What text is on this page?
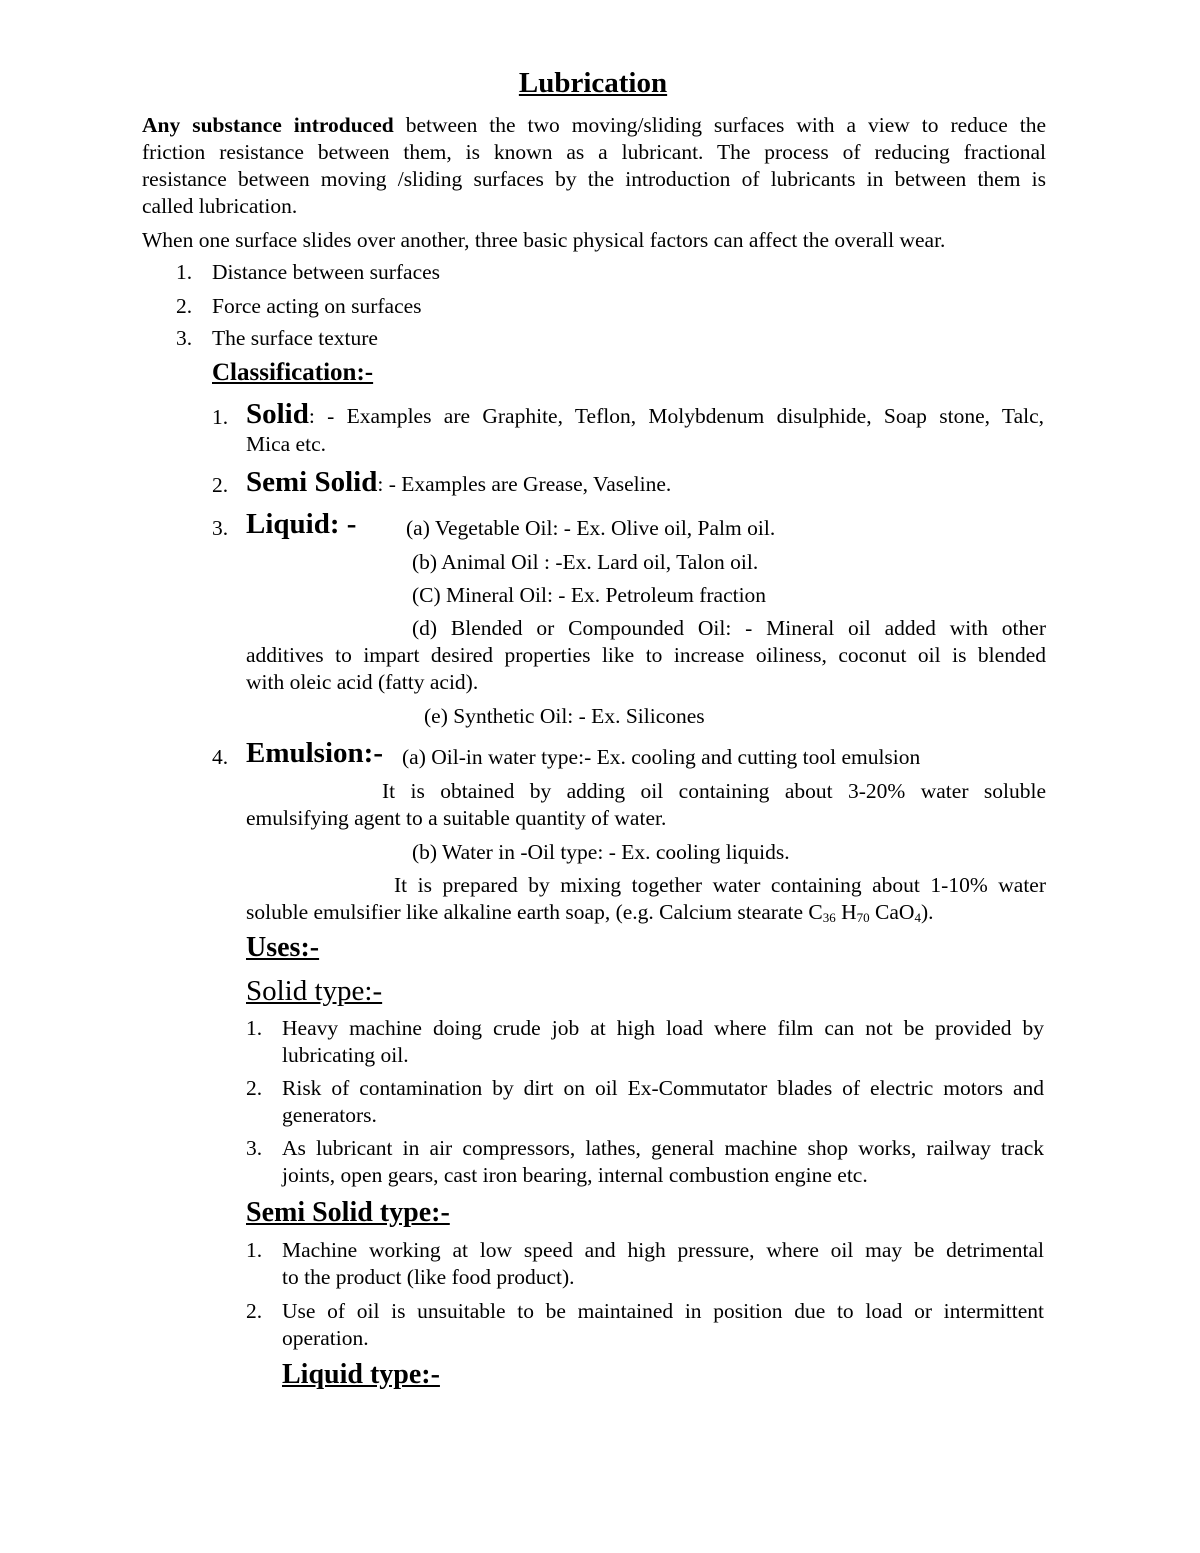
Lubrication
Any substance introduced between the two moving/sliding surfaces with a view to reduce the
friction resistance between them, is known as a lubricant. The process of reducing fractional
resistance between moving /sliding surfaces by the introduction of lubricants in between them is
called lubrication.
When one surface slides over another, three basic physical factors can affect the overall wear.
1. Distance between surfaces
2. Force acting on surfaces
3. The surface texture
Classification:-
1. Solid: - Examples are Graphite, Teflon, Molybdenum disulphide, Soap stone, Talc,
Mica etc.
2. Semi Solid: - Examples are Grease, Vaseline.
3. Liquid: - (a) Vegetable Oil: - Ex. Olive oil, Palm oil.
(b) Animal Oil : -Ex. Lard oil, Talon oil.
(C) Mineral Oil: - Ex. Petroleum fraction
(d) Blended or Compounded Oil: - Mineral oil added with other
additives to impart desired properties like to increase oiliness, coconut oil is blended
with oleic acid (fatty acid).
(e) Synthetic Oil: - Ex. Silicones
4. Emulsion:- (a) Oil-in water type:- Ex. cooling and cutting tool emulsion
It is obtained by adding oil containing about 3-20% water soluble
emulsifying agent to a suitable quantity of water.
(b) Water in -Oil type: - Ex. cooling liquids.
It is prepared by mixing together water containing about 1-10% water
soluble emulsifier like alkaline earth soap, (e.g. Calcium stearate $C_{36}$ $H_{70}$ CaO$_4$).
Uses:-
Solid type:-
1. Heavy machine doing crude job at high load where film can not be provided by
lubricating oil.
2. Risk of contamination by dirt on oil Ex-Commutator blades of electric motors and
generators.
3. As lubricant in air compressors, lathes, general machine shop works, railway track
joints, open gears, cast iron bearing, internal combustion engine etc.
Semi Solid type:-
1. Machine working at low speed and high pressure, where oil may be detrimental
to the product (like food product).
2. Use of oil is unsuitable to be maintained in position due to load or intermittent
operation.
Liquid type:-
